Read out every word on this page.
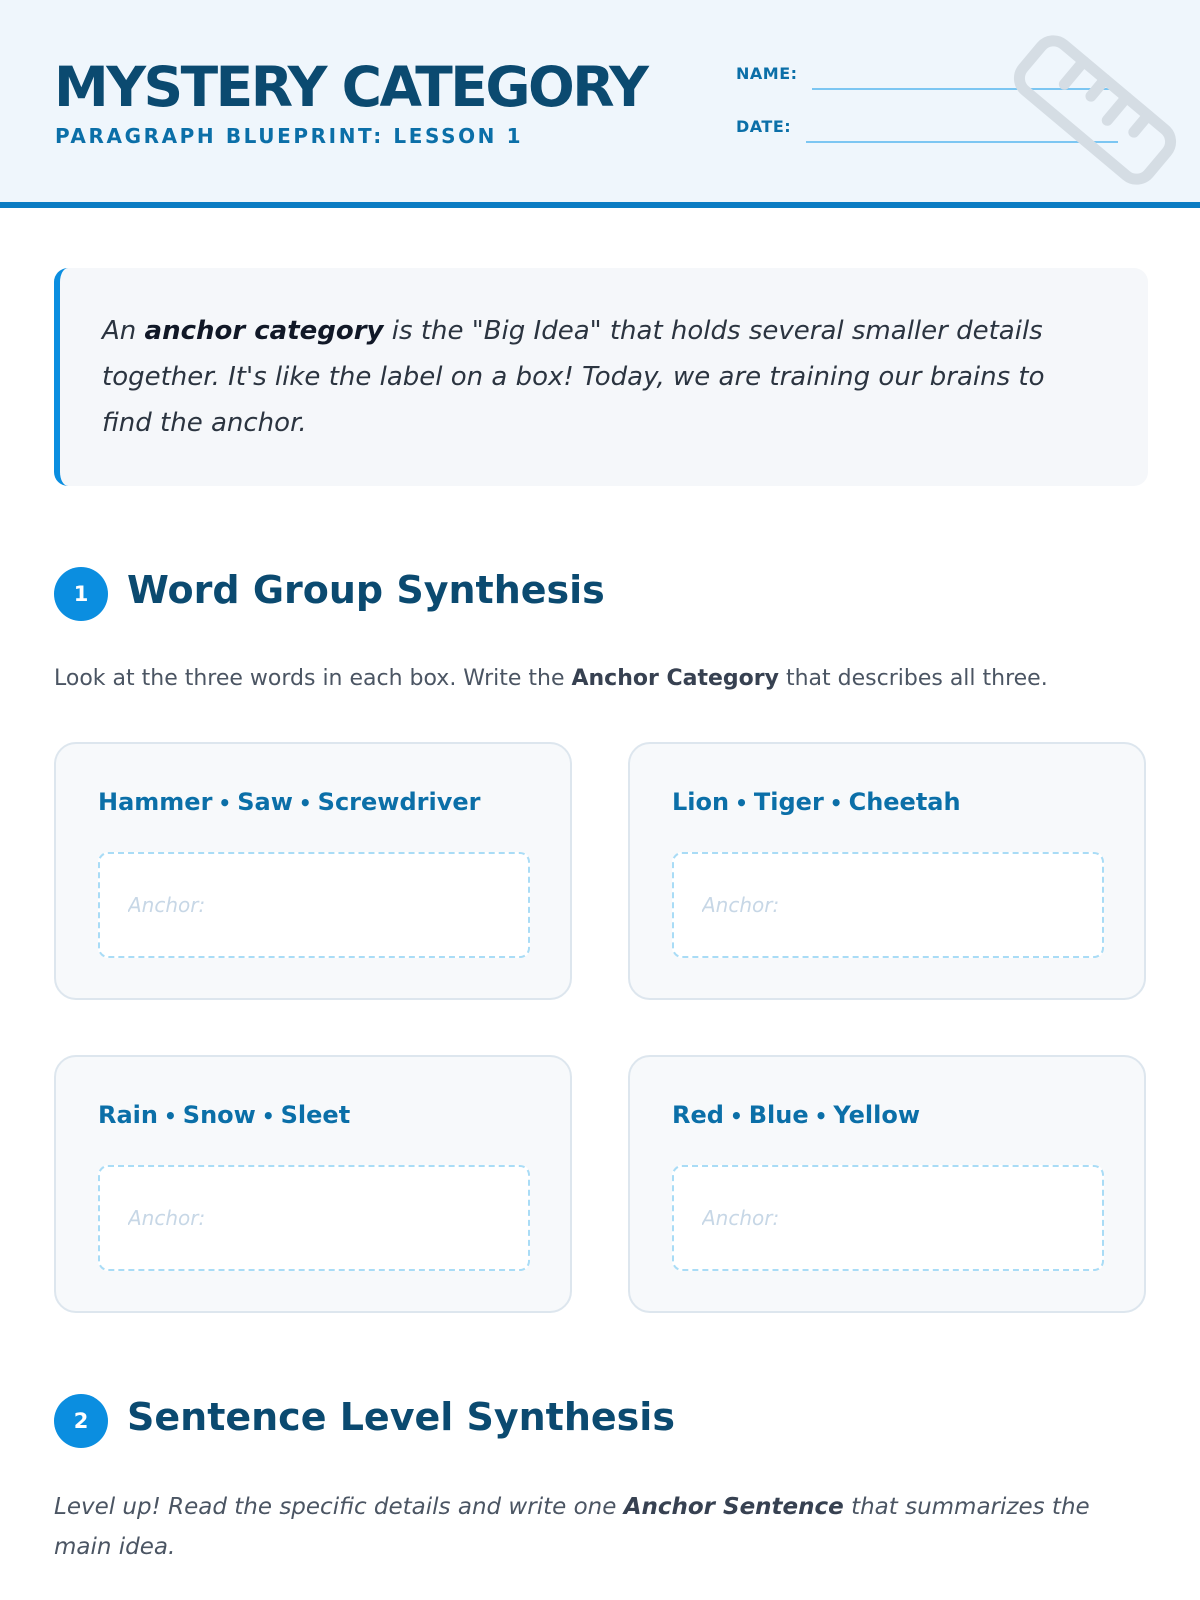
MYSTERY CATEGORY
PARAGRAPH BLUEPRINT: LESSON 1
NAME:
DATE:
An anchor category is the "Big Idea" that holds several smaller details together. It's like the label on a box! Today, we are training our brains to find the anchor.
1	Word Group Synthesis
Look at the three words in each box. Write the Anchor Category that describes all three.
Hammer • Saw • Screwdriver
Anchor:	Lion • Tiger • Cheetah
Anchor:
Rain • Snow • Sleet
Anchor:	Red • Blue • Yellow
Anchor:
2	Sentence Level Synthesis
Level up! Read the specific details and write one Anchor Sentence that summarizes the main idea.
